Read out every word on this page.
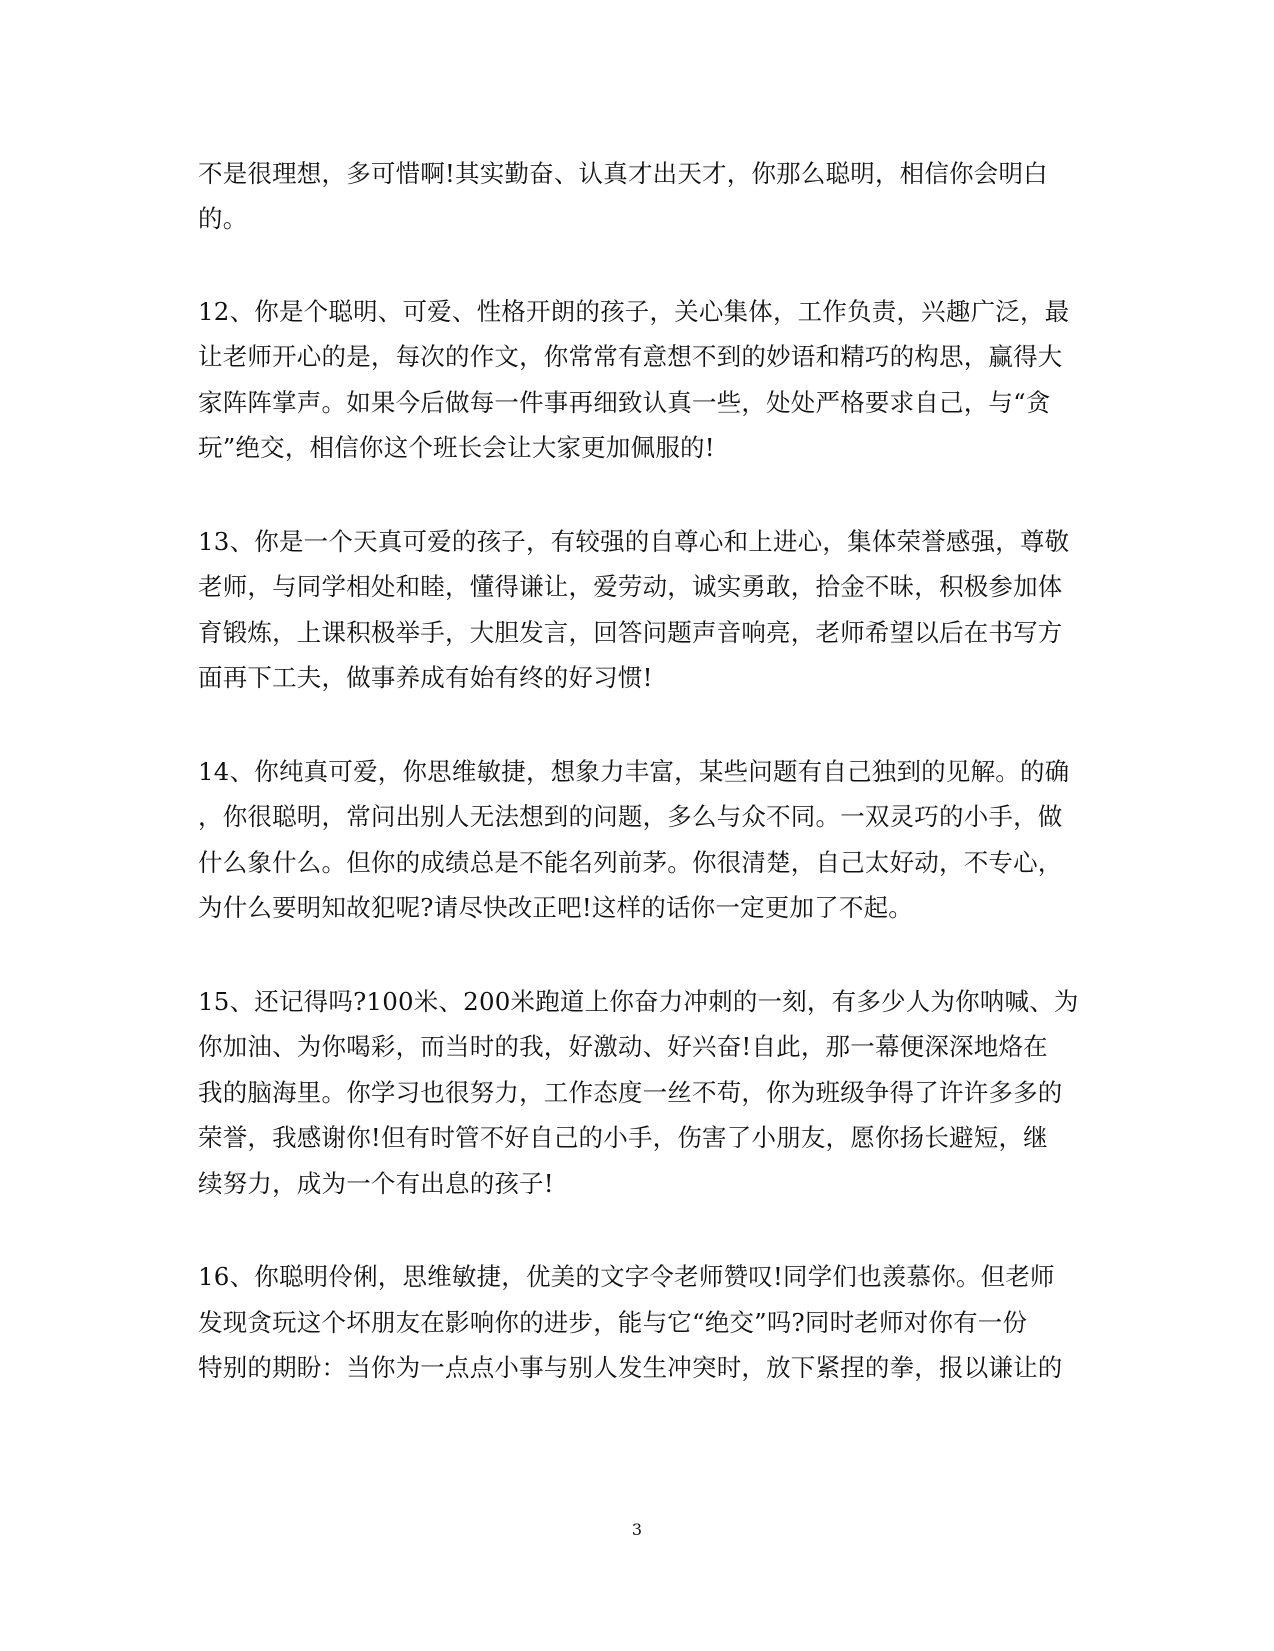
不是很理想，多可惜啊!其实勤奋、认真才出天才，你那么聪明，相信你会明白
的。
12、你是个聪明、可爱、性格开朗的孩子，关心集体，工作负责，兴趣广泛，最
让老师开心的是，每次的作文，你常常有意想不到的妙语和精巧的构思，赢得大
家阵阵掌声。如果今后做每一件事再细致认真一些，处处严格要求自己，与“贪
玩”绝交，相信你这个班长会让大家更加佩服的!
13、你是一个天真可爱的孩子，有较强的自尊心和上进心，集体荣誉感强，尊敬
老师，与同学相处和睦，懂得谦让，爱劳动，诚实勇敢，拾金不昧，积极参加体
育锻炼，上课积极举手，大胆发言，回答问题声音响亮，老师希望以后在书写方
面再下工夫，做事养成有始有终的好习惯!
14、你纯真可爱，你思维敏捷，想象力丰富，某些问题有自己独到的见解。的确
，你很聪明，常问出别人无法想到的问题，多么与众不同。一双灵巧的小手，做
什么象什么。但你的成绩总是不能名列前茅。你很清楚，自己太好动，不专心，
为什么要明知故犯呢?请尽快改正吧!这样的话你一定更加了不起。
15、还记得吗?100米、200米跑道上你奋力冲刺的一刻，有多少人为你呐喊、为
你加油、为你喝彩，而当时的我，好激动、好兴奋!自此，那一幕便深深地烙在
我的脑海里。你学习也很努力，工作态度一丝不苟，你为班级争得了许许多多的
荣誉，我感谢你!但有时管不好自己的小手，伤害了小朋友，愿你扬长避短，继
续努力，成为一个有出息的孩子!
16、你聪明伶俐，思维敏捷，优美的文字令老师赞叹!同学们也羡慕你。但老师
发现贪玩这个坏朋友在影响你的进步，能与它“绝交”吗?同时老师对你有一份
特别的期盼：当你为一点点小事与别人发生冲突时，放下紧捏的拳，报以谦让的
3
